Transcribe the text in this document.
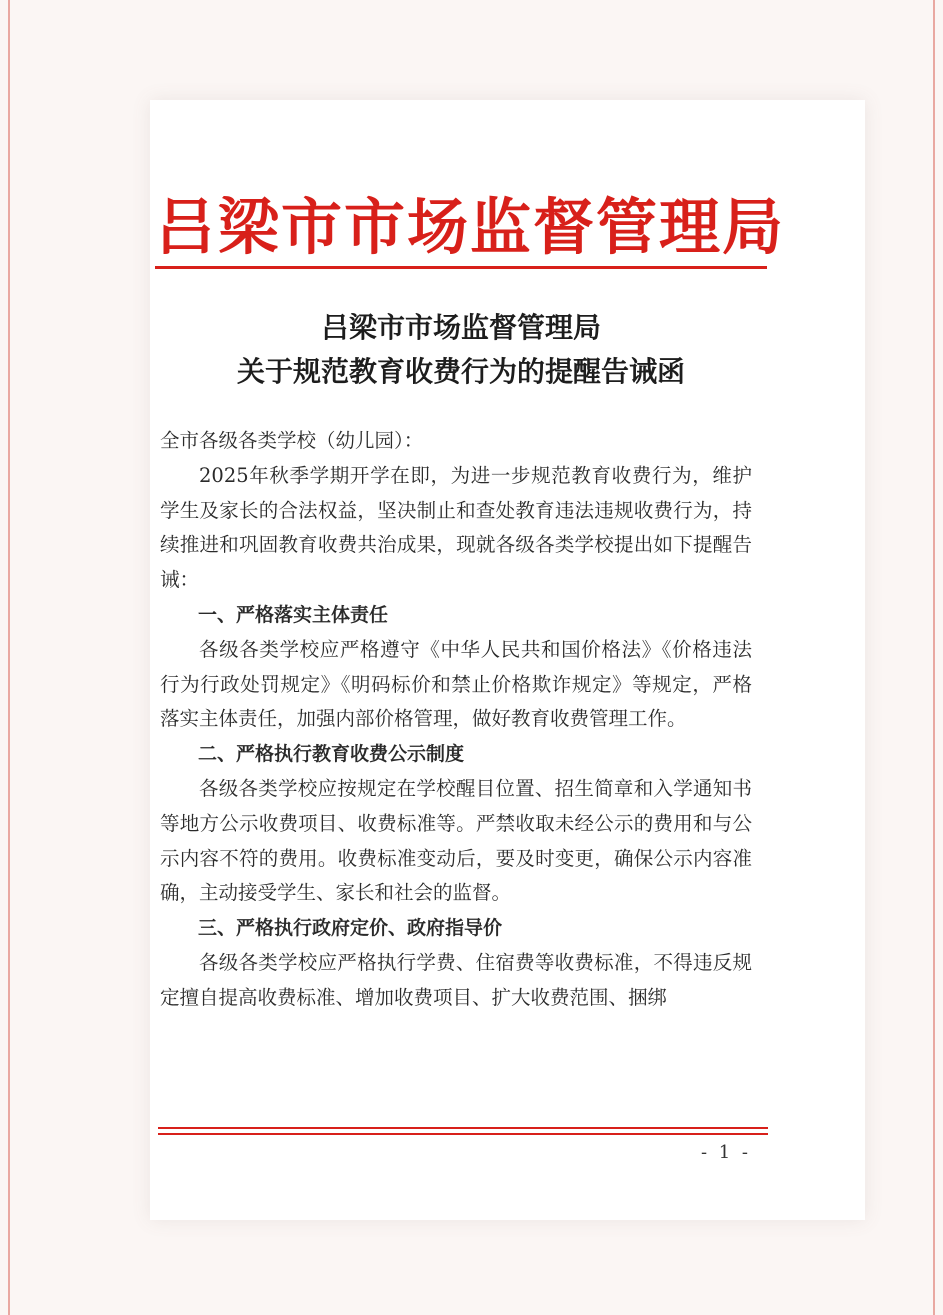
吕梁市市场监督管理局
吕梁市市场监督管理局
关于规范教育收费行为的提醒告诫函

全市各级各类学校（幼儿园）：

2025年秋季学期开学在即，为进一步规范教育收费行为，维护学生及家长的合法权益，坚决制止和查处教育违法违规收费行为，持续推进和巩固教育收费共治成果，现就各级各类学校提出如下提醒告诫：

一、严格落实主体责任

各级各类学校应严格遵守《中华人民共和国价格法》《价格违法行为行政处罚规定》《明码标价和禁止价格欺诈规定》等规定，严格落实主体责任，加强内部价格管理，做好教育收费管理工作。

二、严格执行教育收费公示制度

各级各类学校应按规定在学校醒目位置、招生简章和入学通知书等地方公示收费项目、收费标准等。严禁收取未经公示的费用和与公示内容不符的费用。收费标准变动后，要及时变更，确保公示内容准确，主动接受学生、家长和社会的监督。

三、严格执行政府定价、政府指导价

各级各类学校应严格执行学费、住宿费等收费标准，不得违反规定擅自提高收费标准、增加收费项目、扩大收费范围、捆绑

- 1 -
